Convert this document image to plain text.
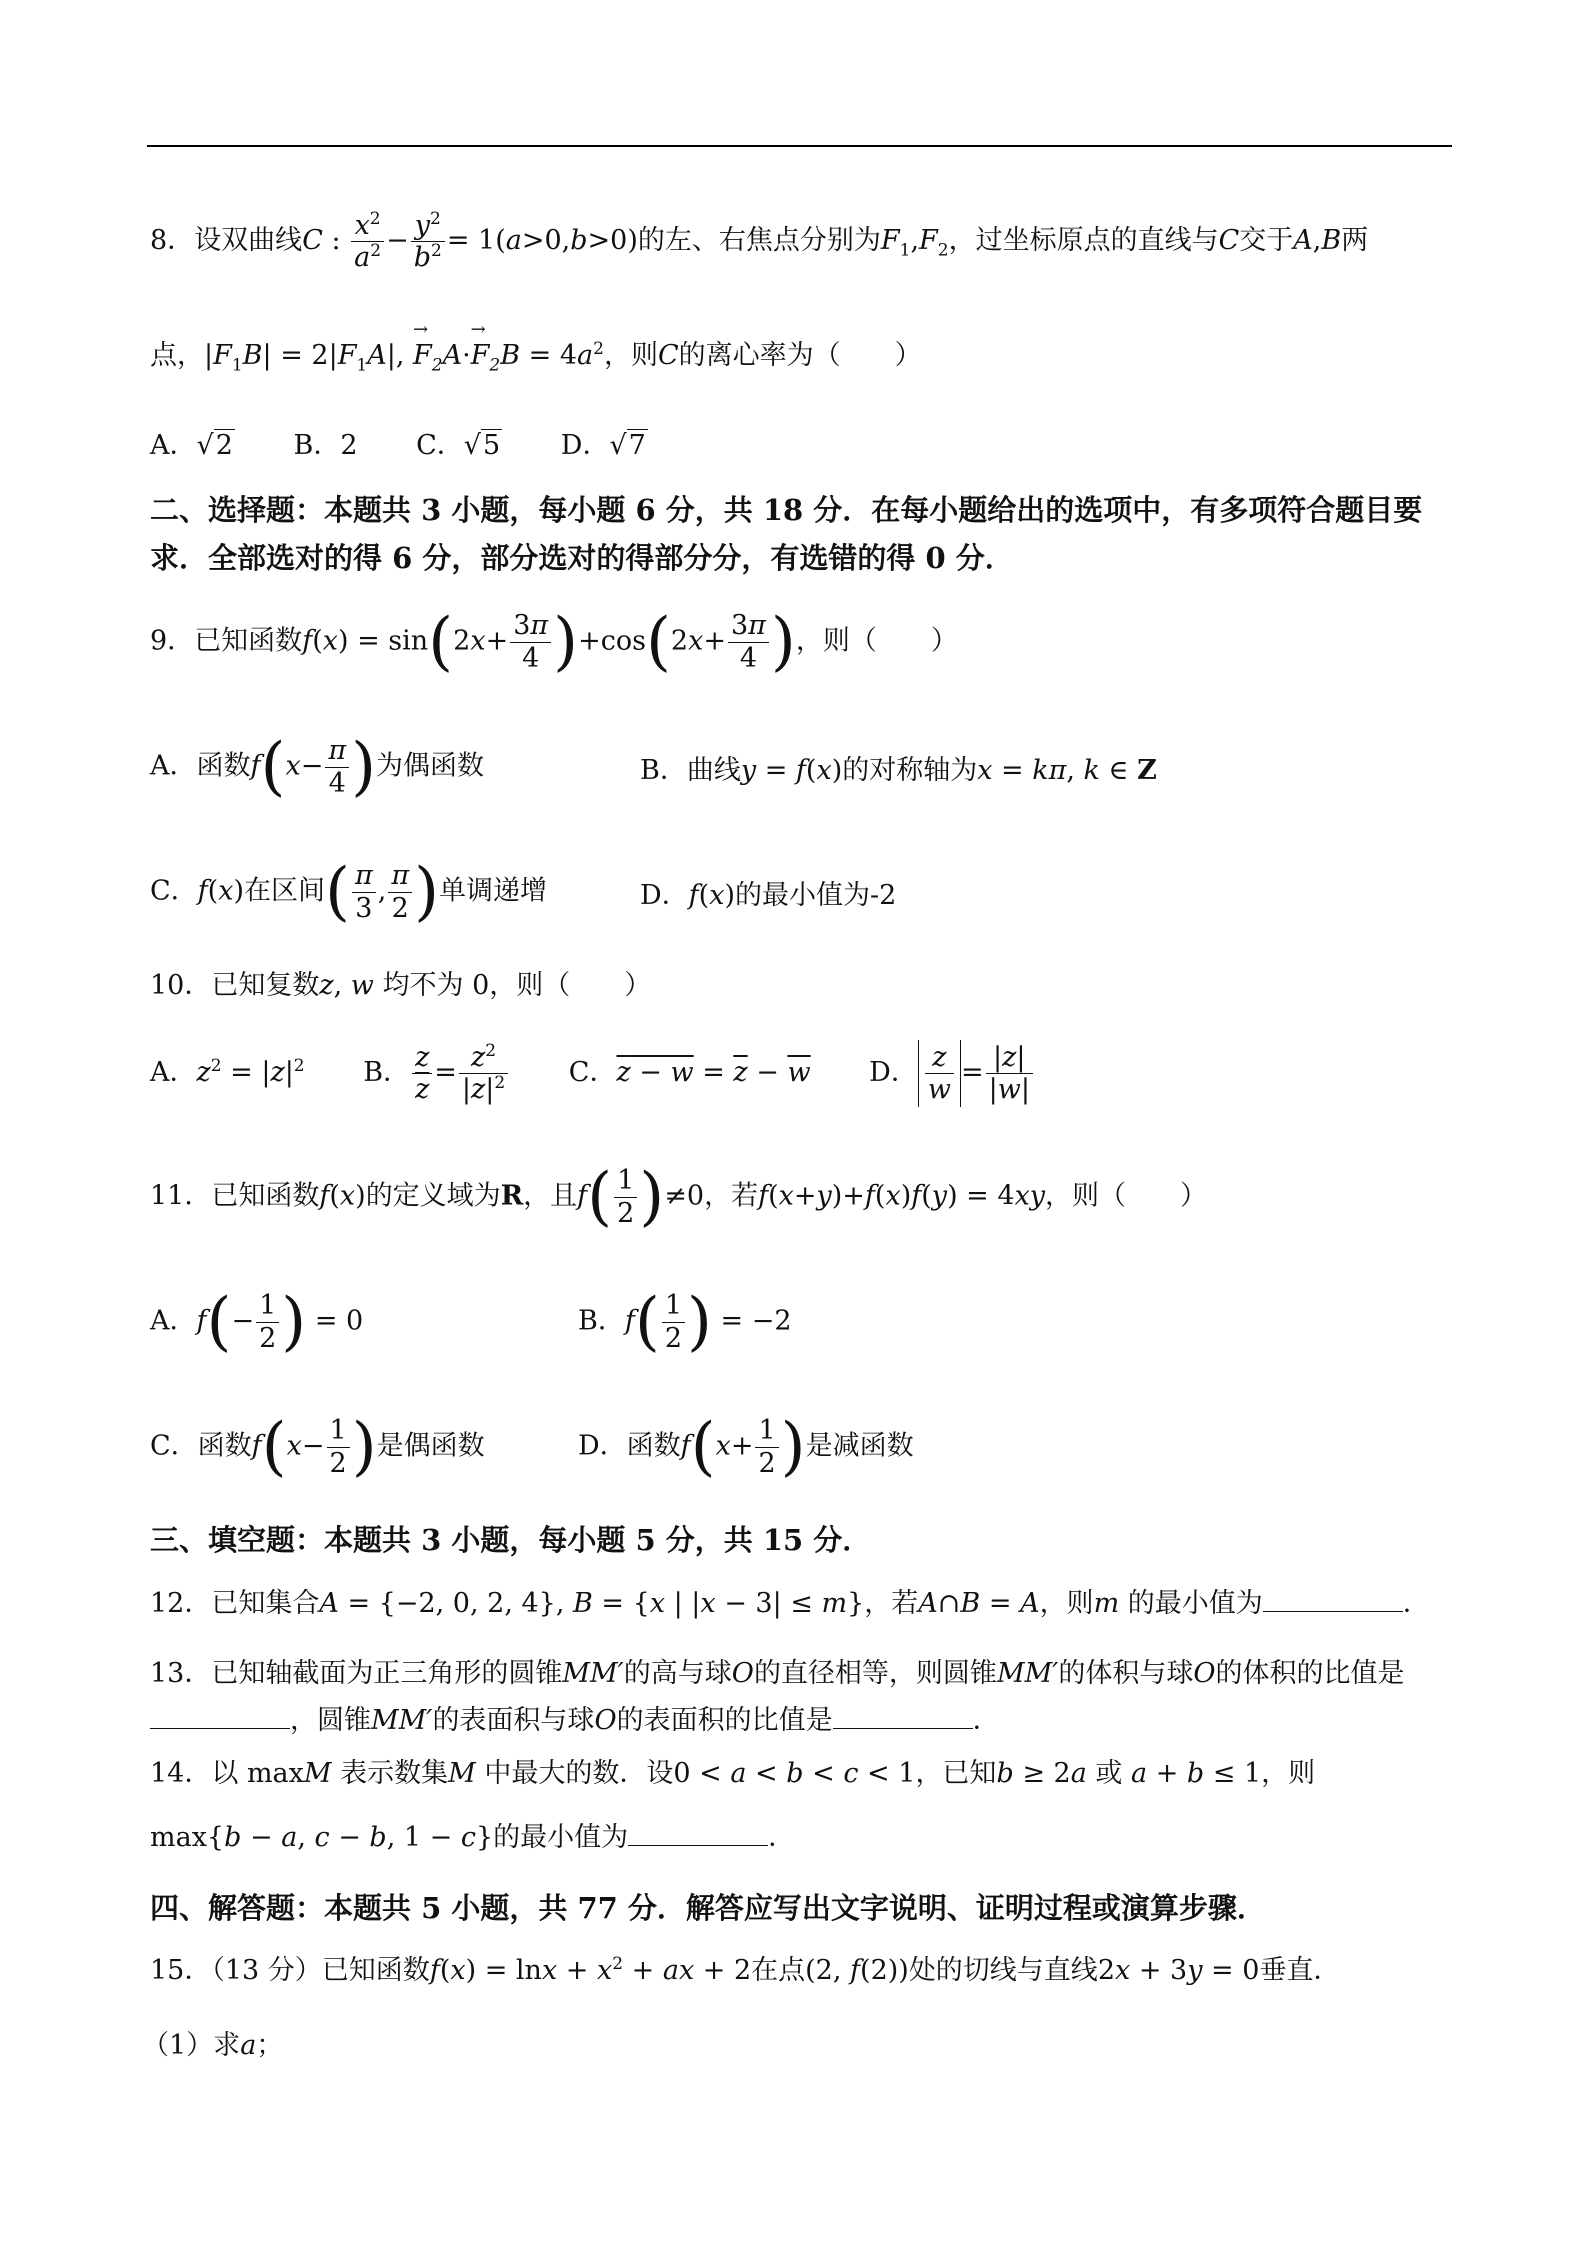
8．设双曲线C : $\frac{x^2}{a^2} - \frac{y^2}{b^2} = 1(a>0,b>0)$的左、右焦点分别为$F_1,F_2$，过坐标原点的直线与C交于A,B两
点，$|F_1B| = 2|F_1A|$, → $F_2A\cdot\to F_2B = 4a^2$，则C的离心率为（　　）
A．√2 B．2 C．√5 D．√7
二、选择题：本题共 3 小题，每小题 6 分，共 18 分．在每小题给出的选项中，有多项符合题目要求．全部选对的得 6 分，部分选对的得部分分，有选错的得 0 分．
9．已知函数$f(x) = \sin(2x+ \frac{3\pi}{4} )+\cos(2x+ \frac{3\pi}{4}$ )，则（　　）
A．函数$f(x- \frac{\pi}{4}$ )为偶函数	B．曲线y = f(x)的对称轴为x = kπ, k ∈ Z
C．f(x)在区间( $\frac{\pi}{3}$ , $\frac{\pi}{2}$ )单调递增	D．f(x)的最小值为-2
10．已知复数z, w 均不为 0，则（　　）
A．$z^2 = |z|^2$ B． $\frac{z}{z} = \frac{z^2}{|z|^2}$ C．$z - w = \overline{z} - \overline{w}$ D． $\frac{z}{w} = \frac{|z|}{|w|}$
11．已知函数f(x)的定义域为R，且$f( \frac{1}{2} )\ne 0$，若f(x+y)+f(x)f(y) = 4xy，则（　　）
A．$f(- \frac{1}{2}$ ) = 0	B．$f( \frac{1}{2}$ ) = −2
C．函数$f(x- \frac{1}{2}$ )是偶函数	D．函数$f(x+ \frac{1}{2}$ )是减函数
三、填空题：本题共 3 小题，每小题 5 分，共 15 分．
12．已知集合A = {−2, 0, 2, 4}, B = {x | |x − 3| ≤ m}，若A∩B = A，则m 的最小值为	．
13．已知轴截面为正三角形的圆锥MM′的高与球O的直径相等，则圆锥MM′的体积与球O的体积的比值是，圆锥MM′的表面积与球O的表面积的比值是	．
14．以 maxM 表示数集M 中最大的数．设0 < a < b < c < 1，已知b ≥ 2a 或 a + b ≤ 1，则
max{b − a, c − b, 1 − c}的最小值为	．
四、解答题：本题共 5 小题，共 77 分．解答应写出文字说明、证明过程或演算步骤．
15．（13 分）已知函数$f(x) = \ln x + x^2$ + ax + 2在点(2, f(2))处的切线与直线2x + 3y = 0垂直．
（1）求a；
